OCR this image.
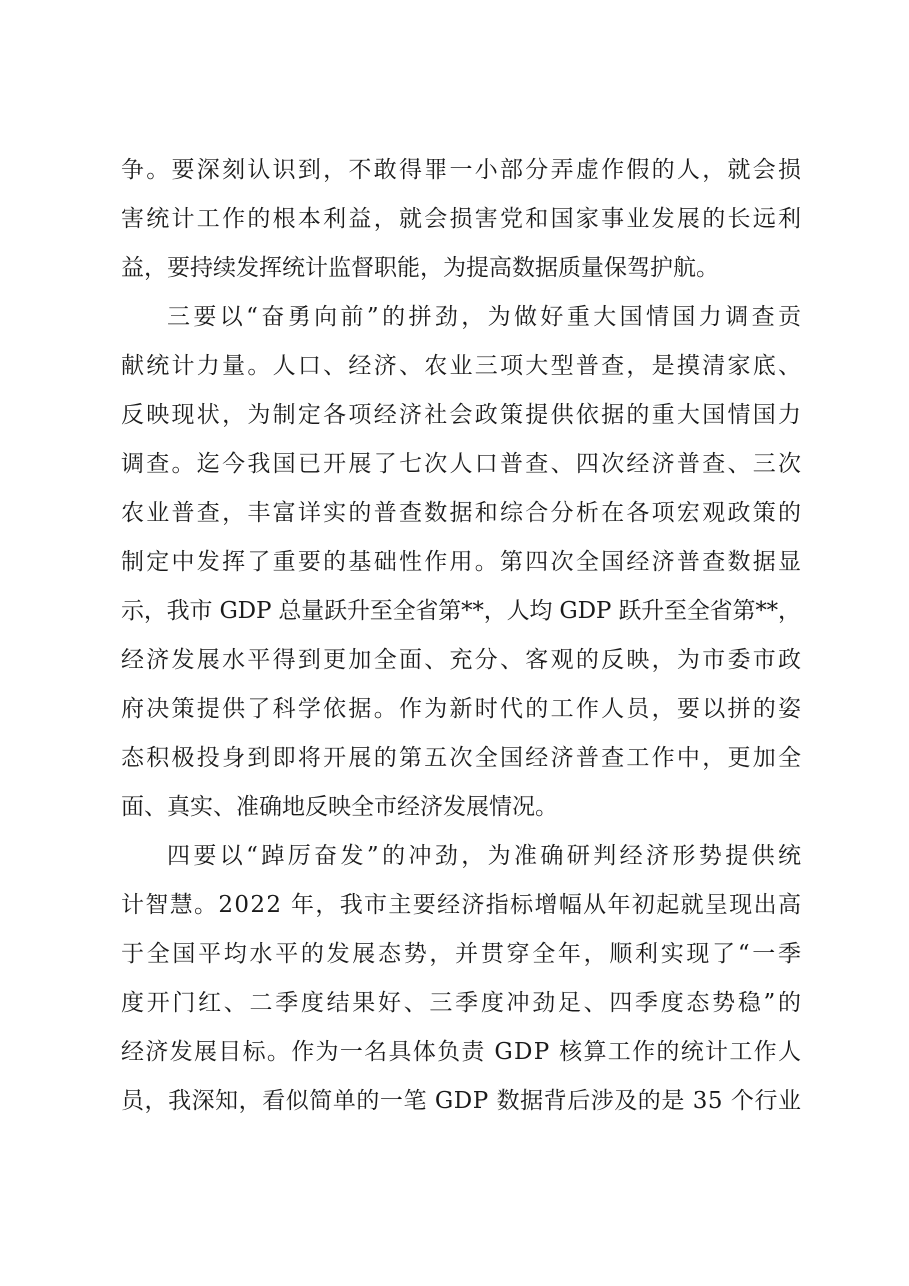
争。要深刻认识到，不敢得罪一小部分弄虚作假的人，就会损
害统计工作的根本利益，就会损害党和国家事业发展的长远利
益，要持续发挥统计监督职能，为提高数据质量保驾护航。
三要以“奋勇向前”的拼劲，为做好重大国情国力调查贡
献统计力量。人口、经济、农业三项大型普查，是摸清家底、
反映现状，为制定各项经济社会政策提供依据的重大国情国力
调查。迄今我国已开展了七次人口普查、四次经济普查、三次
农业普查，丰富详实的普查数据和综合分析在各项宏观政策的
制定中发挥了重要的基础性作用。第四次全国经济普查数据显
示，我市 GDP 总量跃升至全省第**，人均 GDP 跃升至全省第**，
经济发展水平得到更加全面、充分、客观的反映，为市委市政
府决策提供了科学依据。作为新时代的工作人员，要以拼的姿
态积极投身到即将开展的第五次全国经济普查工作中，更加全
面、真实、准确地反映全市经济发展情况。
四要以“踔厉奋发”的冲劲，为准确研判经济形势提供统
计智慧。2022 年，我市主要经济指标增幅从年初起就呈现出高
于全国平均水平的发展态势，并贯穿全年，顺利实现了“一季
度开门红、二季度结果好、三季度冲劲足、四季度态势稳”的
经济发展目标。作为一名具体负责 GDP 核算工作的统计工作人
员，我深知，看似简单的一笔 GDP 数据背后涉及的是 35 个行业
